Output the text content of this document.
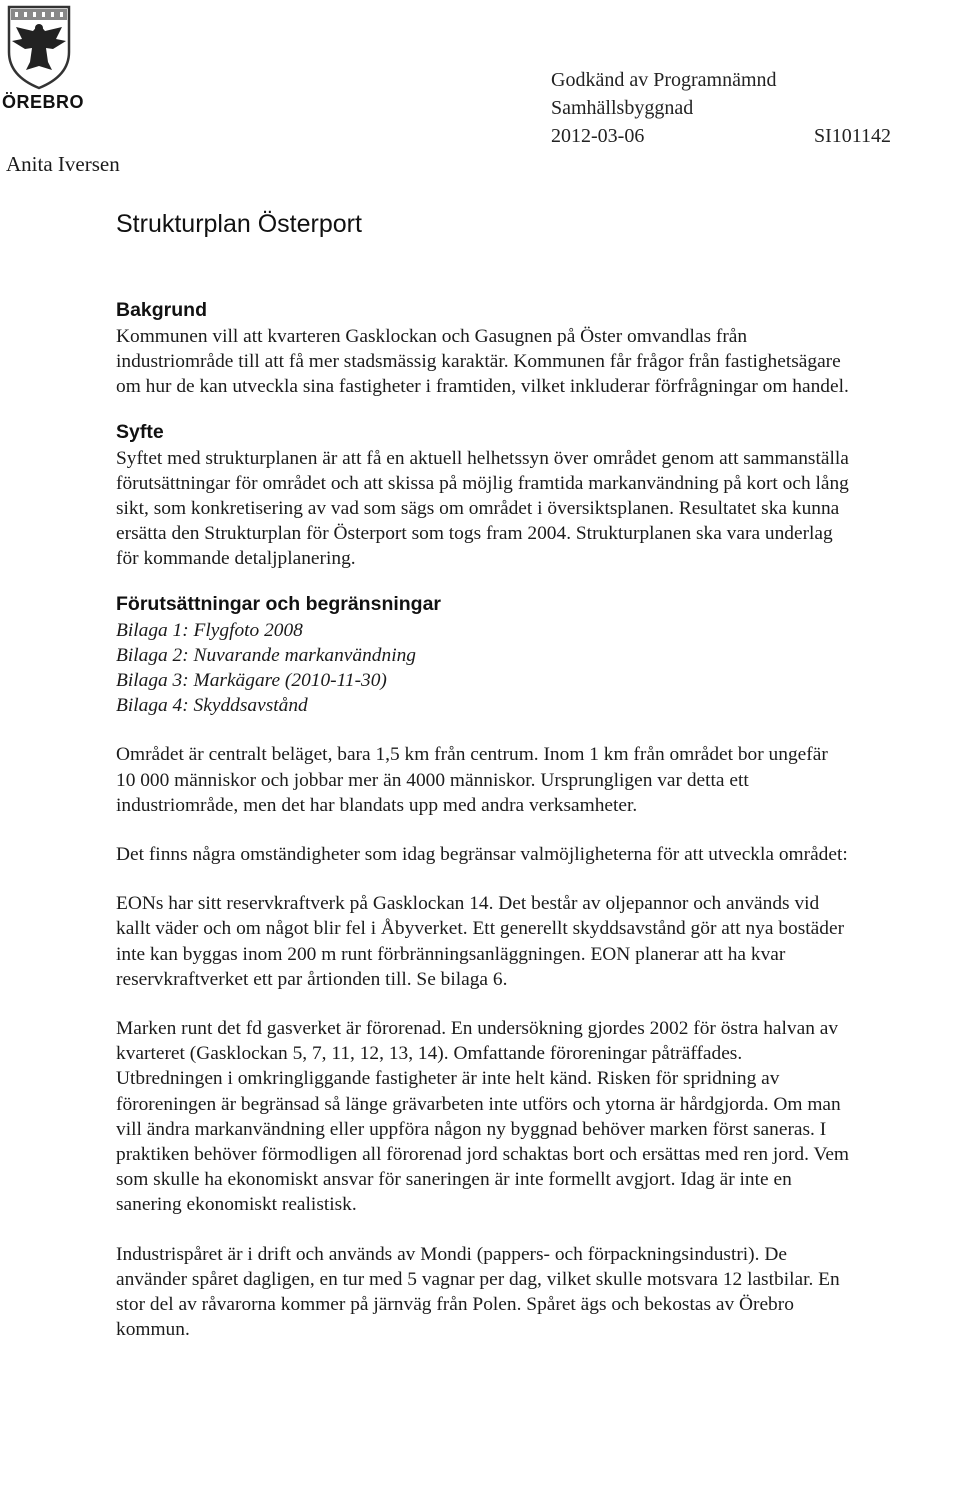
ÖREBRO
Godkänd av Programnämnd Samhällsbyggnad
2012-03-06	SI101142
Anita Iversen
Strukturplan Österport
Bakgrund

Kommunen vill att kvarteren Gasklockan och Gasugnen på Öster omvandlas från industriområde till att få mer stadsmässig karaktär. Kommunen får frågor från fastighetsägare om hur de kan utveckla sina fastigheter i framtiden, vilket inkluderar förfrågningar om handel.

Syfte

Syftet med strukturplanen är att få en aktuell helhetssyn över området genom att sammanställa förutsättningar för området och att skissa på möjlig framtida markanvändning på kort och lång sikt, som konkretisering av vad som sägs om området i översiktsplanen. Resultatet ska kunna ersätta den Strukturplan för Österport som togs fram 2004. Strukturplanen ska vara underlag för kommande detaljplanering.

Förutsättningar och begränsningar
Bilaga 1: Flygfoto 2008
Bilaga 2: Nuvarande markanvändning
Bilaga 3: Markägare (2010-11-30)
Bilaga 4: Skyddsavstånd

Området är centralt beläget, bara 1,5 km från centrum. Inom 1 km från området bor ungefär 10 000 människor och jobbar mer än 4000 människor. Ursprungligen var detta ett industriområde, men det har blandats upp med andra verksamheter.

Det finns några omständigheter som idag begränsar valmöjligheterna för att utveckla området:

EONs har sitt reservkraftverk på Gasklockan 14. Det består av oljepannor och används vid kallt väder och om något blir fel i Åbyverket. Ett generellt skyddsavstånd gör att nya bostäder inte kan byggas inom 200 m runt förbränningsanläggningen. EON planerar att ha kvar reservkraftverket ett par årtionden till. Se bilaga 6.

Marken runt det fd gasverket är förorenad. En undersökning gjordes 2002 för östra halvan av kvarteret (Gasklockan 5, 7, 11, 12, 13, 14). Omfattande föroreningar påträffades. Utbredningen i omkringliggande fastigheter är inte helt känd. Risken för spridning av föroreningen är begränsad så länge grävarbeten inte utförs och ytorna är hårdgjorda. Om man vill ändra markanvändning eller uppföra någon ny byggnad behöver marken först saneras. I praktiken behöver förmodligen all förorenad jord schaktas bort och ersättas med ren jord. Vem som skulle ha ekonomiskt ansvar för saneringen är inte formellt avgjort. Idag är inte en sanering ekonomiskt realistisk.

Industrispåret är i drift och används av Mondi (pappers- och förpackningsindustri). De använder spåret dagligen, en tur med 5 vagnar per dag, vilket skulle motsvara 12 lastbilar. En stor del av råvarorna kommer på järnväg från Polen. Spåret ägs och bekostas av Örebro kommun.
